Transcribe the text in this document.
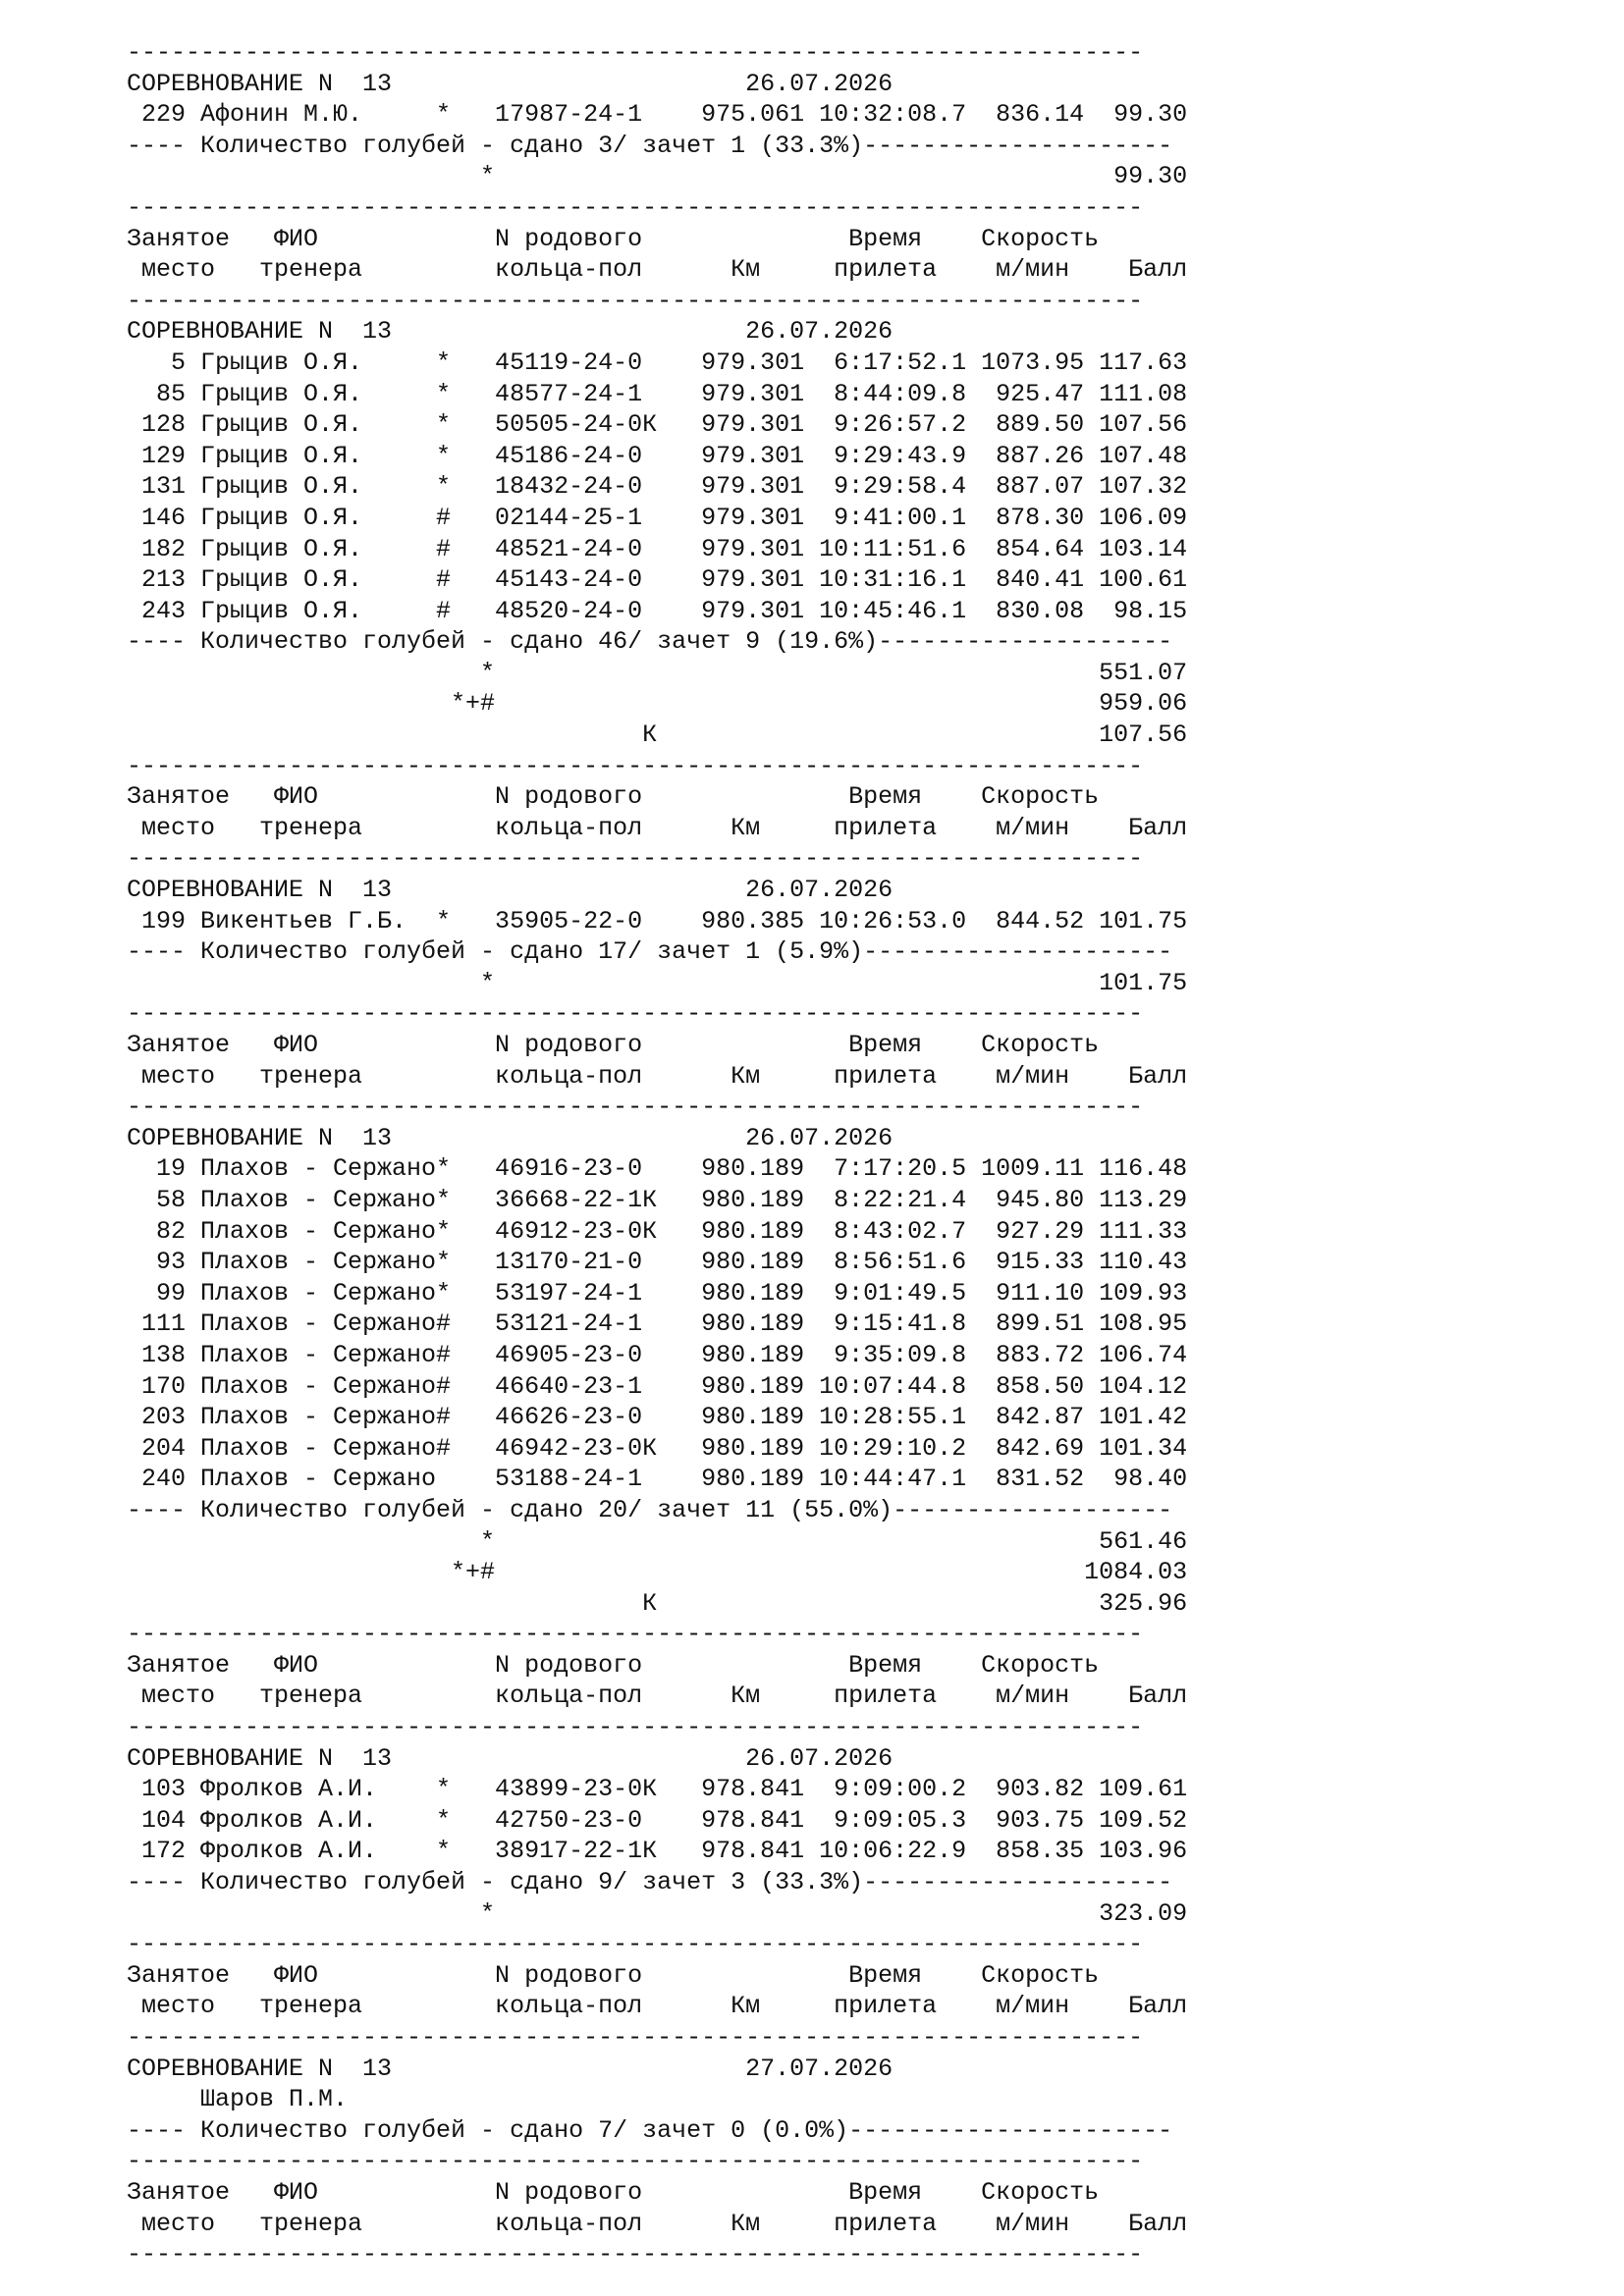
---------------------------------------------------------------------
СОРЕВНОВАНИЕ N  13                        26.07.2026
229 Афонин М.Ю.     *   17987-24-1    975.061 10:32:08.7  836.14  99.30
---- Количество голубей - сдано 3/ зачет 1 (33.3%)---------------------
*                                          99.30
---------------------------------------------------------------------
Занятое   ФИО            N родового              Время    Скорость
место   тренера         кольца-пол      Км     прилета    м/мин    Балл
---------------------------------------------------------------------
СОРЕВНОВАНИЕ N  13                        26.07.2026
5 Грыцив О.Я.     *   45119-24-0    979.301  6:17:52.1 1073.95 117.63
85 Грыцив О.Я.     *   48577-24-1    979.301  8:44:09.8  925.47 111.08
128 Грыцив О.Я.     *   50505-24-0К   979.301  9:26:57.2  889.50 107.56
129 Грыцив О.Я.     *   45186-24-0    979.301  9:29:43.9  887.26 107.48
131 Грыцив О.Я.     *   18432-24-0    979.301  9:29:58.4  887.07 107.32
146 Грыцив О.Я.     #   02144-25-1    979.301  9:41:00.1  878.30 106.09
182 Грыцив О.Я.     #   48521-24-0    979.301 10:11:51.6  854.64 103.14
213 Грыцив О.Я.     #   45143-24-0    979.301 10:31:16.1  840.41 100.61
243 Грыцив О.Я.     #   48520-24-0    979.301 10:45:46.1  830.08  98.15
---- Количество голубей - сдано 46/ зачет 9 (19.6%)--------------------
*                                         551.07
*+#                                         959.06
К                              107.56
---------------------------------------------------------------------
Занятое   ФИО            N родового              Время    Скорость
место   тренера         кольца-пол      Км     прилета    м/мин    Балл
---------------------------------------------------------------------
СОРЕВНОВАНИЕ N  13                        26.07.2026
199 Викентьев Г.Б.  *   35905-22-0    980.385 10:26:53.0  844.52 101.75
---- Количество голубей - сдано 17/ зачет 1 (5.9%)---------------------
*                                         101.75
---------------------------------------------------------------------
Занятое   ФИО            N родового              Время    Скорость
место   тренера         кольца-пол      Км     прилета    м/мин    Балл
---------------------------------------------------------------------
СОРЕВНОВАНИЕ N  13                        26.07.2026
19 Плахов - Сержано*   46916-23-0    980.189  7:17:20.5 1009.11 116.48
58 Плахов - Сержано*   36668-22-1К   980.189  8:22:21.4  945.80 113.29
82 Плахов - Сержано*   46912-23-0К   980.189  8:43:02.7  927.29 111.33
93 Плахов - Сержано*   13170-21-0    980.189  8:56:51.6  915.33 110.43
99 Плахов - Сержано*   53197-24-1    980.189  9:01:49.5  911.10 109.93
111 Плахов - Сержано#   53121-24-1    980.189  9:15:41.8  899.51 108.95
138 Плахов - Сержано#   46905-23-0    980.189  9:35:09.8  883.72 106.74
170 Плахов - Сержано#   46640-23-1    980.189 10:07:44.8  858.50 104.12
203 Плахов - Сержано#   46626-23-0    980.189 10:28:55.1  842.87 101.42
204 Плахов - Сержано#   46942-23-0К   980.189 10:29:10.2  842.69 101.34
240 Плахов - Сержано    53188-24-1    980.189 10:44:47.1  831.52  98.40
---- Количество голубей - сдано 20/ зачет 11 (55.0%)-------------------
*                                         561.46
*+#                                        1084.03
К                              325.96
---------------------------------------------------------------------
Занятое   ФИО            N родового              Время    Скорость
место   тренера         кольца-пол      Км     прилета    м/мин    Балл
---------------------------------------------------------------------
СОРЕВНОВАНИЕ N  13                        26.07.2026
103 Фролков А.И.    *   43899-23-0К   978.841  9:09:00.2  903.82 109.61
104 Фролков А.И.    *   42750-23-0    978.841  9:09:05.3  903.75 109.52
172 Фролков А.И.    *   38917-22-1К   978.841 10:06:22.9  858.35 103.96
---- Количество голубей - сдано 9/ зачет 3 (33.3%)---------------------
*                                         323.09
---------------------------------------------------------------------
Занятое   ФИО            N родового              Время    Скорость
место   тренера         кольца-пол      Км     прилета    м/мин    Балл
---------------------------------------------------------------------
СОРЕВНОВАНИЕ N  13                        27.07.2026
Шаров П.М.
---- Количество голубей - сдано 7/ зачет 0 (0.0%)----------------------
---------------------------------------------------------------------
Занятое   ФИО            N родового              Время    Скорость
место   тренера         кольца-пол      Км     прилета    м/мин    Балл
---------------------------------------------------------------------
